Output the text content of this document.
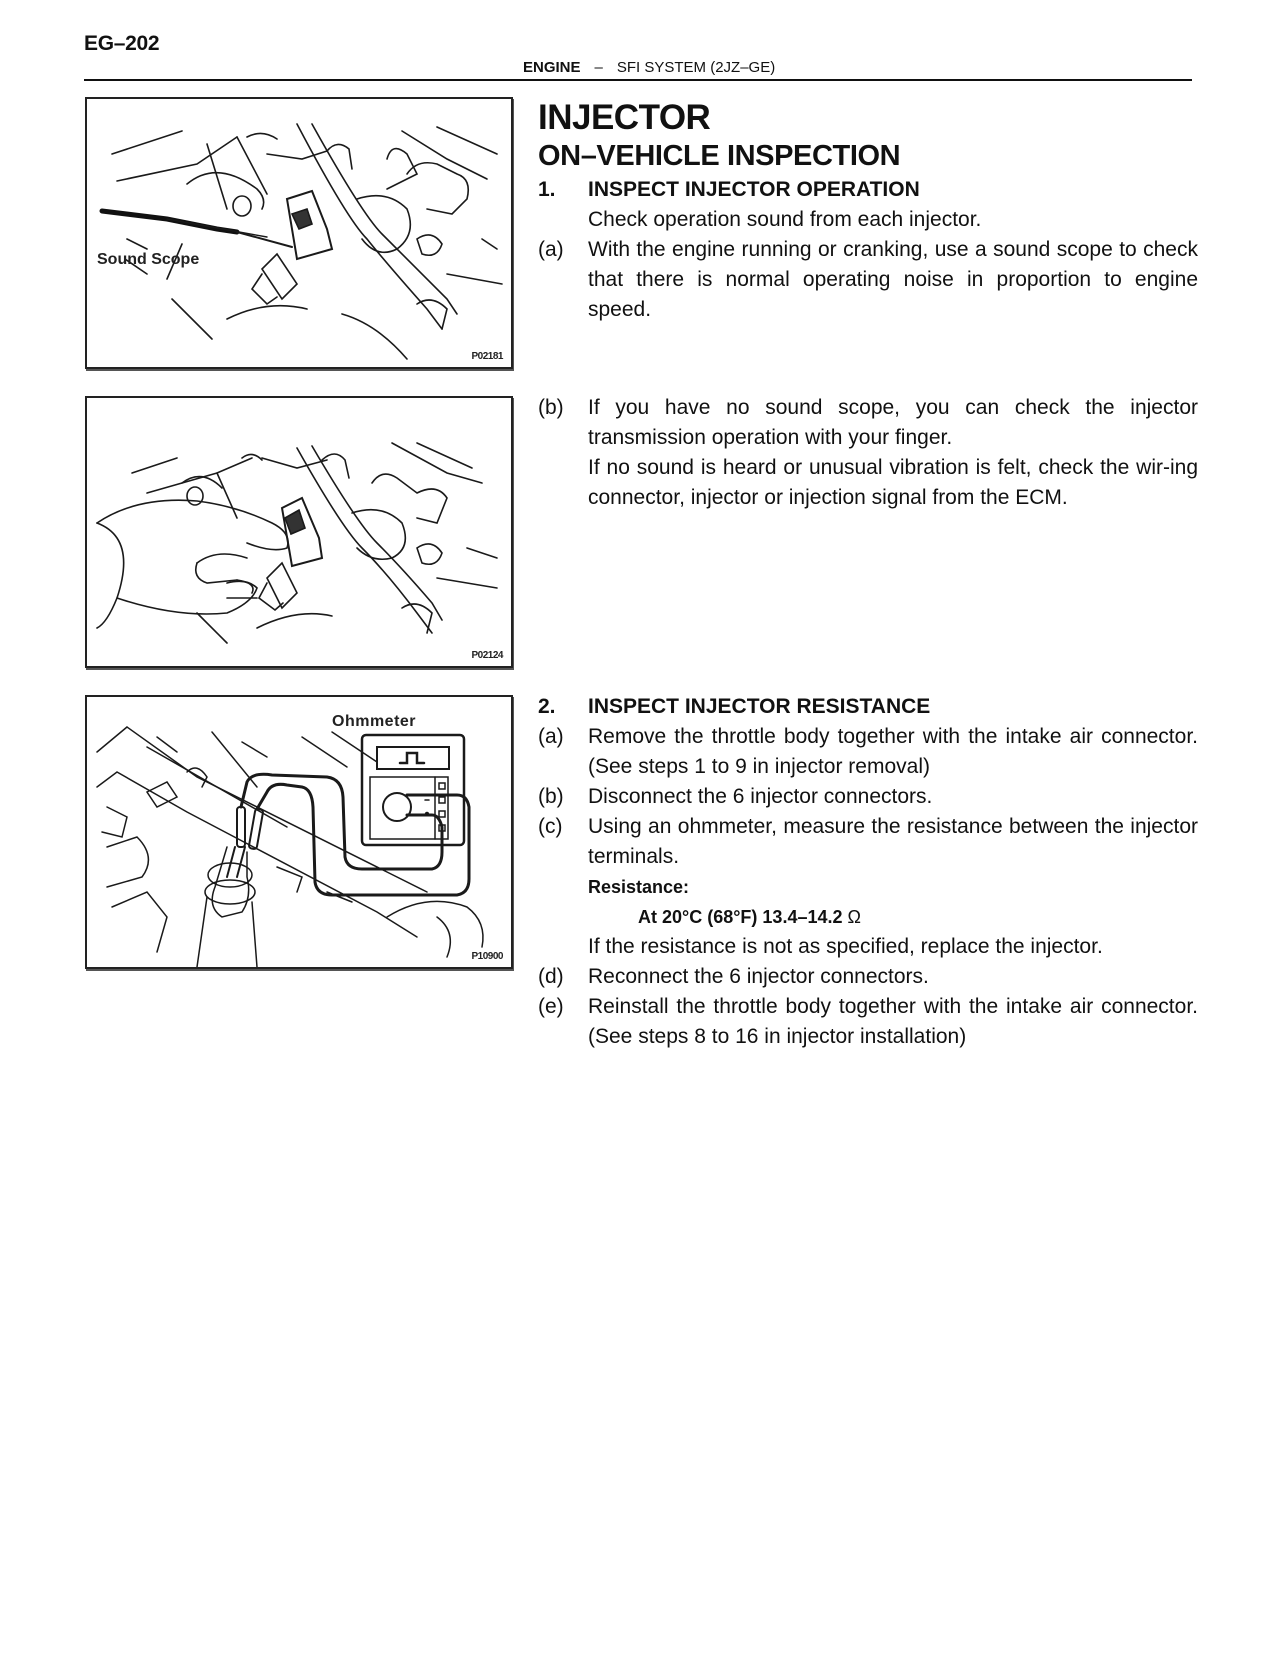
EG–202
ENGINE – SFI SYSTEM (2JZ–GE)
Sound Scope
P02181
P02124
Ohmmeter
P10900
INJECTOR
ON–VEHICLE INSPECTION
1.	INSPECT INJECTOR OPERATION
Check operation sound from each injector.
(a)	With the engine running or cranking, use a sound scope to check that there is normal operating noise in proportion to engine speed.
(b)	If you have no sound scope, you can check the injector transmission operation with your finger.
If no sound is heard or unusual vibration is felt, check the wir-ing connector, injector or injection signal from the ECM.
2.	INSPECT INJECTOR RESISTANCE
(a)	Remove the throttle body together with the intake air connector. (See steps 1 to 9 in injector removal)
(b)	Disconnect the 6 injector connectors.
(c)	Using an ohmmeter, measure the resistance between the injector terminals.
Resistance:
At 20°C (68°F) 13.4–14.2 Ω
If the resistance is not as specified, replace the injector.
(d)	Reconnect the 6 injector connectors.
(e)	Reinstall the throttle body together with the intake air connector. (See steps 8 to 16 in injector installation)
